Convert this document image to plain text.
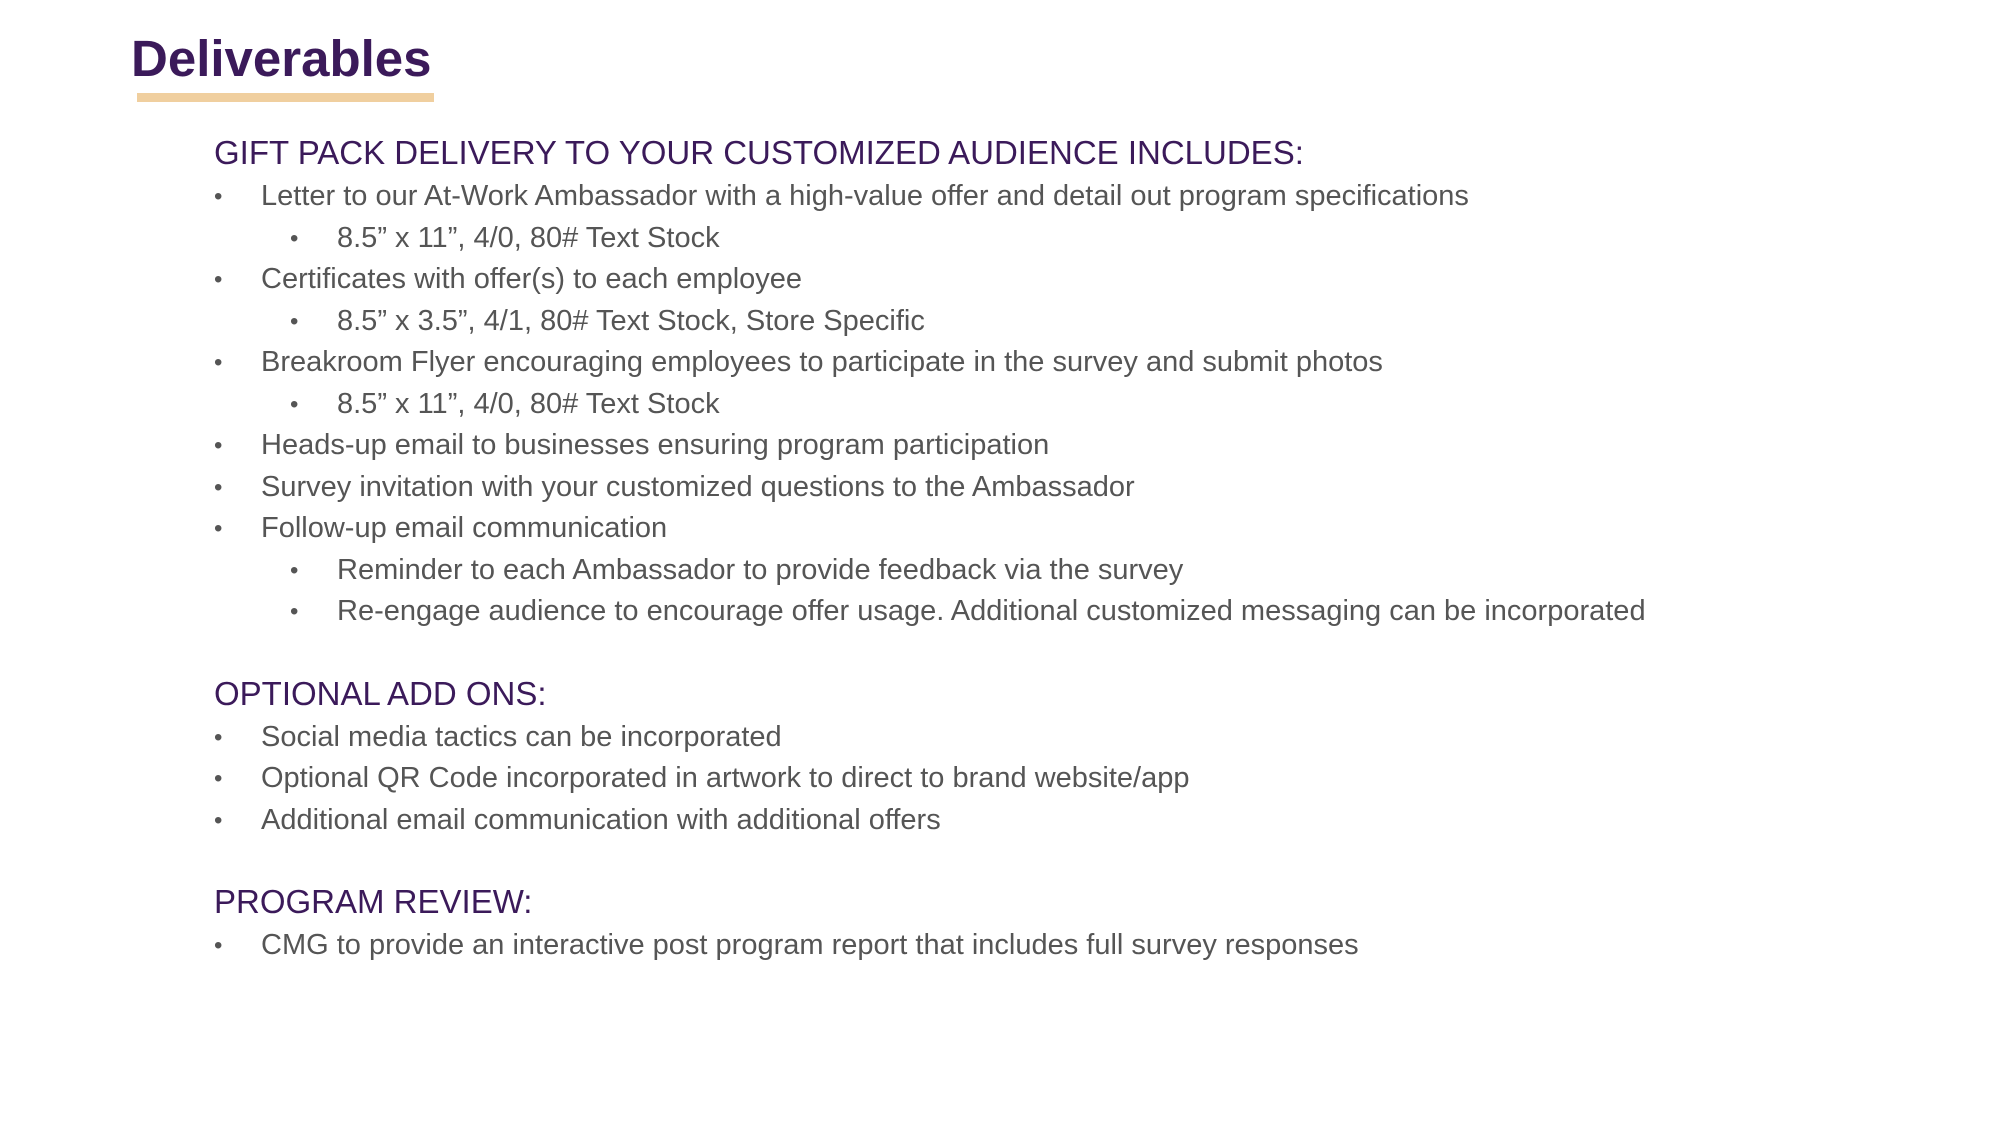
Deliverables
GIFT PACK DELIVERY TO YOUR CUSTOMIZED AUDIENCE INCLUDES:
• Letter to our At-Work Ambassador with a high-value offer and detail out program specifications
• 8.5” x 11”, 4/0, 80# Text Stock
• Certificates with offer(s) to each employee
• 8.5” x 3.5”, 4/1, 80# Text Stock, Store Specific
• Breakroom Flyer encouraging employees to participate in the survey and submit photos
• 8.5” x 11”, 4/0, 80# Text Stock
• Heads-up email to businesses ensuring program participation
• Survey invitation with your customized questions to the Ambassador
• Follow-up email communication
• Reminder to each Ambassador to provide feedback via the survey
• Re-engage audience to encourage offer usage. Additional customized messaging can be incorporated
OPTIONAL ADD ONS:
• Social media tactics can be incorporated
• Optional QR Code incorporated in artwork to direct to brand website/app
• Additional email communication with additional offers
PROGRAM REVIEW:
• CMG to provide an interactive post program report that includes full survey responses
